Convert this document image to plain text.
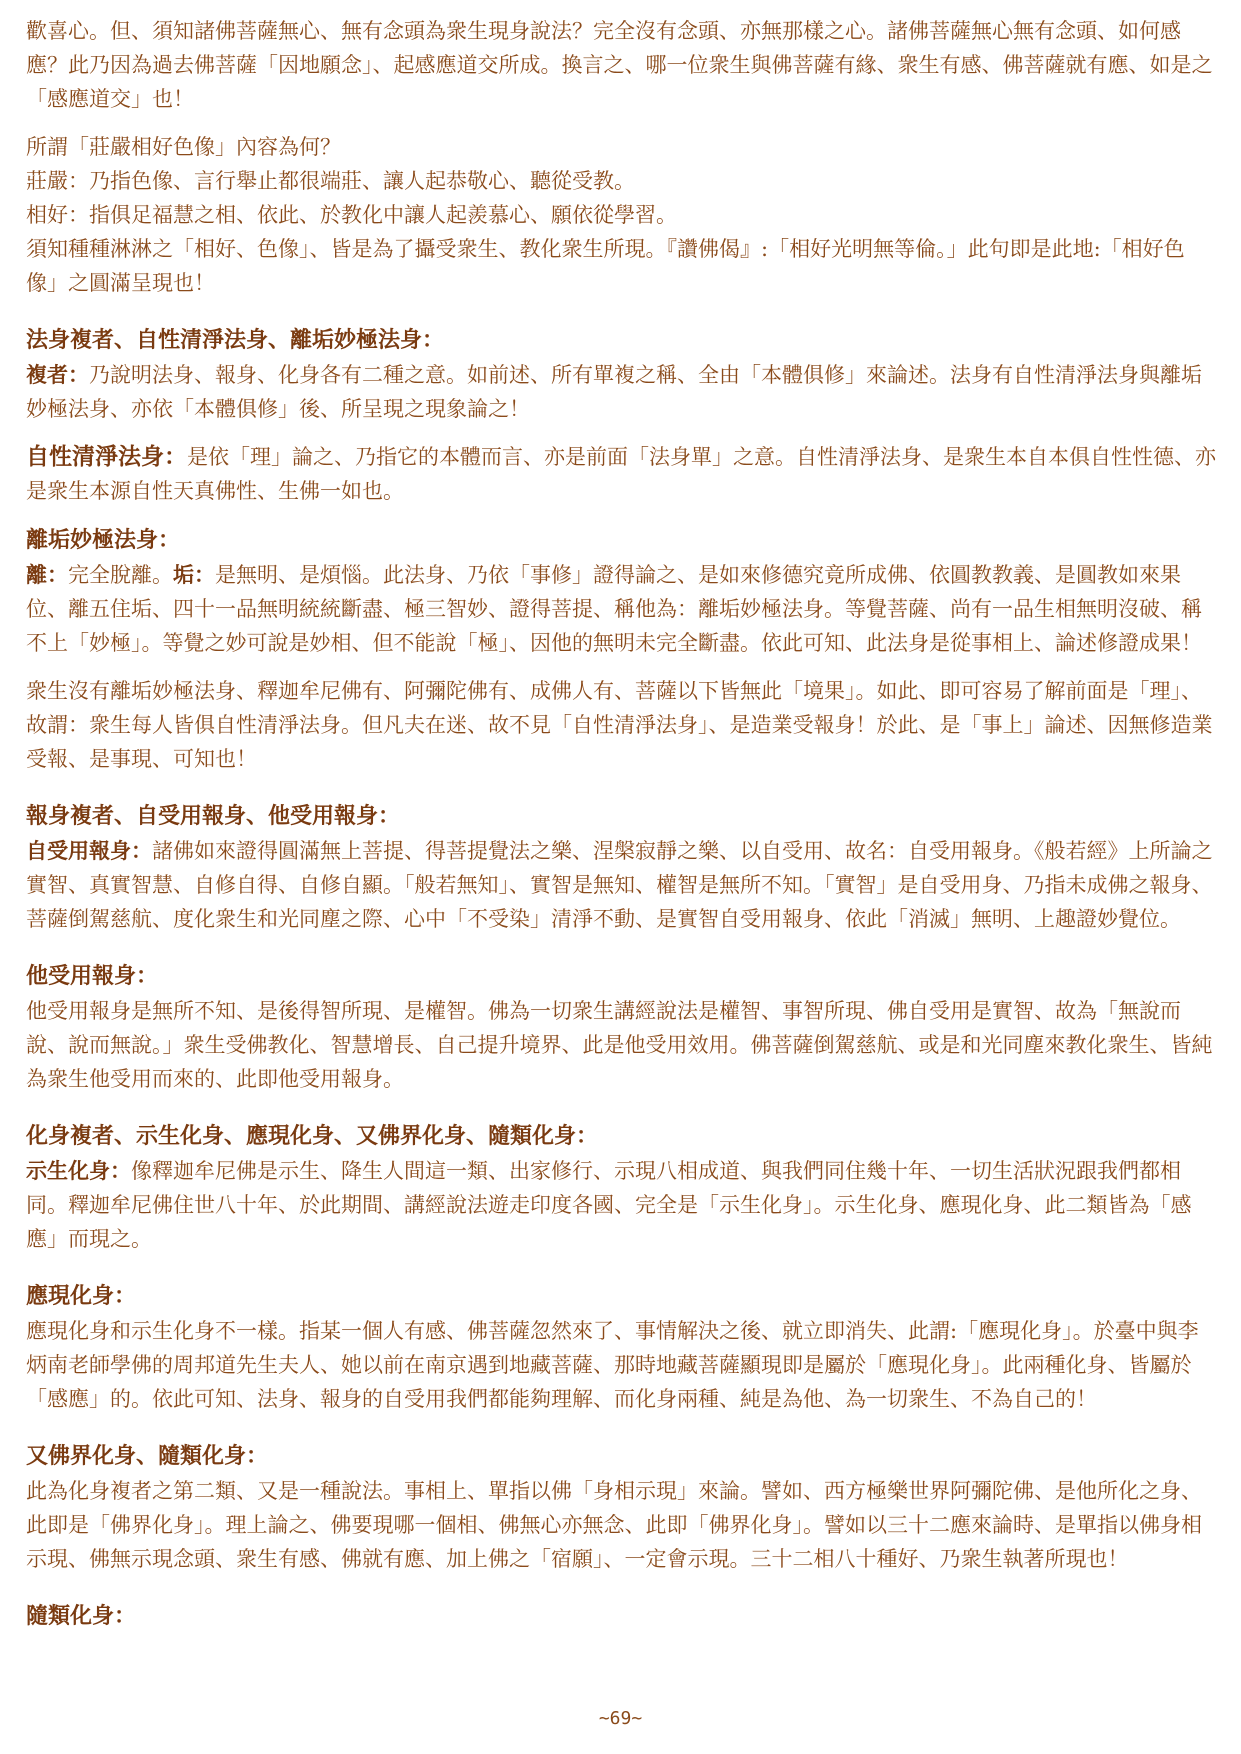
歡喜心。但、須知諸佛菩薩無心、無有念頭為衆生現身說法？完全沒有念頭、亦無那樣之心。諸佛菩薩無心無有念頭、如何感應？此乃因為過去佛菩薩「因地願念」、起感應道交所成。換言之、哪一位衆生與佛菩薩有緣、衆生有感、佛菩薩就有應、如是之「感應道交」也！

所謂「莊嚴相好色像」內容為何？
莊嚴：乃指色像、言行舉止都很端莊、讓人起恭敬心、聽從受教。
相好：指俱足福慧之相、依此、於教化中讓人起羨慕心、願依從學習。
須知種種淋淋之「相好、色像」、皆是為了攝受衆生、教化衆生所現。『讚佛偈』:「相好光明無等倫。」此句即是此地:「相好色像」之圓滿呈現也！

法身複者、自性清淨法身、離垢妙極法身：

複者：乃說明法身、報身、化身各有二種之意。如前述、所有單複之稱、全由「本體俱修」來論述。法身有自性清淨法身與離垢妙極法身、亦依「本體俱修」後、所呈現之現象論之！

自性清淨法身：是依「理」論之、乃指它的本體而言、亦是前面「法身單」之意。自性清淨法身、是衆生本自本俱自性性德、亦是衆生本源自性天真佛性、生佛一如也。

離垢妙極法身：

離：完全脫離。垢：是無明、是煩惱。此法身、乃依「事修」證得論之、是如來修德究竟所成佛、依圓教教義、是圓教如來果位、離五住垢、四十一品無明統統斷盡、極三智妙、證得菩提、稱他為：離垢妙極法身。等覺菩薩、尚有一品生相無明沒破、稱不上「妙極」。等覺之妙可說是妙相、但不能說「極」、因他的無明未完全斷盡。依此可知、此法身是從事相上、論述修證成果！

衆生沒有離垢妙極法身、釋迦牟尼佛有、阿彌陀佛有、成佛人有、菩薩以下皆無此「境果」。如此、即可容易了解前面是「理」、故謂：衆生每人皆俱自性清淨法身。但凡夫在迷、故不見「自性清淨法身」、是造業受報身！於此、是「事上」論述、因無修造業受報、是事現、可知也！

報身複者、自受用報身、他受用報身：

自受用報身：諸佛如來證得圓滿無上菩提、得菩提覺法之樂、涅槃寂靜之樂、以自受用、故名：自受用報身。《般若經》上所論之實智、真實智慧、自修自得、自修自顯。「般若無知」、實智是無知、權智是無所不知。「實智」是自受用身、乃指未成佛之報身、菩薩倒駕慈航、度化衆生和光同塵之際、心中「不受染」清淨不動、是實智自受用報身、依此「消滅」無明、上趣證妙覺位。

他受用報身：

他受用報身是無所不知、是後得智所現、是權智。佛為一切衆生講經說法是權智、事智所現、佛自受用是實智、故為「無說而說、說而無說。」衆生受佛教化、智慧增長、自己提升境界、此是他受用效用。佛菩薩倒駕慈航、或是和光同塵來教化衆生、皆純為衆生他受用而來的、此即他受用報身。

化身複者、示生化身、應現化身、又佛界化身、隨類化身：

示生化身：像釋迦牟尼佛是示生、降生人間這一類、出家修行、示現八相成道、與我們同住幾十年、一切生活狀況跟我們都相同。釋迦牟尼佛住世八十年、於此期間、講經說法遊走印度各國、完全是「示生化身」。示生化身、應現化身、此二類皆為「感應」而現之。

應現化身：

應現化身和示生化身不一樣。指某一個人有感、佛菩薩忽然來了、事情解決之後、就立即消失、此謂:「應現化身」。於臺中與李炳南老師學佛的周邦道先生夫人、她以前在南京遇到地藏菩薩、那時地藏菩薩顯現即是屬於「應現化身」。此兩種化身、皆屬於「感應」的。依此可知、法身、報身的自受用我們都能夠理解、而化身兩種、純是為他、為一切衆生、不為自己的！

又佛界化身、隨類化身：

此為化身複者之第二類、又是一種說法。事相上、單指以佛「身相示現」來論。譬如、西方極樂世界阿彌陀佛、是他所化之身、此即是「佛界化身」。理上論之、佛要現哪一個相、佛無心亦無念、此即「佛界化身」。譬如以三十二應來論時、是單指以佛身相示現、佛無示現念頭、衆生有感、佛就有應、加上佛之「宿願」、一定會示現。三十二相八十種好、乃衆生執著所現也！

隨類化身：
~69~
